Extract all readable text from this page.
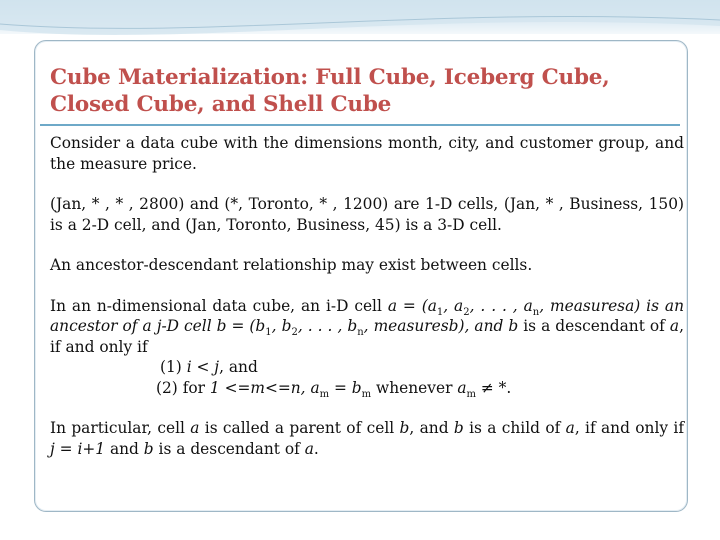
Cube Materialization: Full Cube, Iceberg Cube, Closed Cube, and Shell Cube

Consider a data cube with the dimensions month, city, and customer group, and the measure price.

(Jan, * , * , 2800) and (*, Toronto, * , 1200) are 1-D cells, (Jan, * , Business, 150) is a 2-D cell, and (Jan, Toronto, Business, 45) is a 3-D cell.

An ancestor-descendant relationship may exist between cells.

In an n-dimensional data cube, an i-D cell $a = (a_1$, $a_2$, . . . , $a_n$, measuresa) is an ancestor of a j-D cell $b = (b_1$, $b_2$, . . . , $b_n$, measuresb), and b is a descendant of a, if and only if

(1) i < j, and

(2) for 1 <=m<=n, $a_m = b_m$ whenever $a_m$ ≠ *.

In particular, cell a is called a parent of cell b, and b is a child of a, if and only if j = i+1 and b is a descendant of a.
